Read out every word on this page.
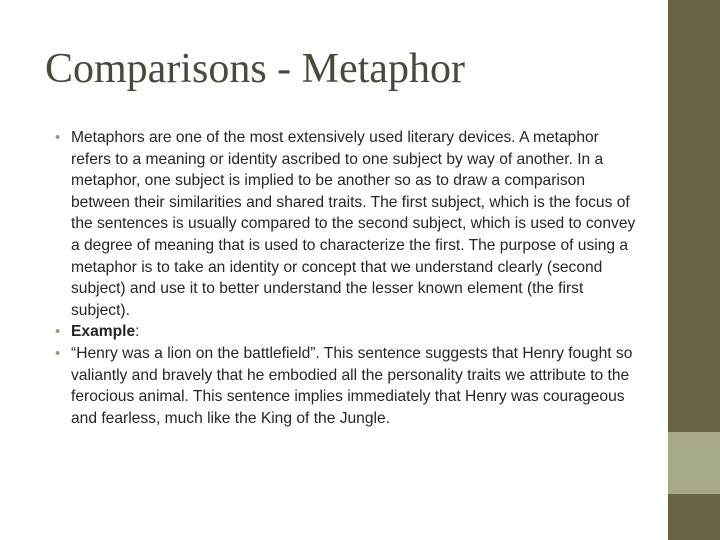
Comparisons - Metaphor
• Metaphors are one of the most extensively used literary devices. A metaphor refers to a meaning or identity ascribed to one subject by way of another. In a metaphor, one subject is implied to be another so as to draw a comparison between their similarities and shared traits. The first subject, which is the focus of the sentences is usually compared to the second subject, which is used to convey a degree of meaning that is used to characterize the first. The purpose of using a metaphor is to take an identity or concept that we understand clearly (second subject) and use it to better understand the lesser known element (the first subject).
• Example:
• “Henry was a lion on the battlefield”. This sentence suggests that Henry fought so valiantly and bravely that he embodied all the personality traits we attribute to the ferocious animal. This sentence implies immediately that Henry was courageous and fearless, much like the King of the Jungle.
